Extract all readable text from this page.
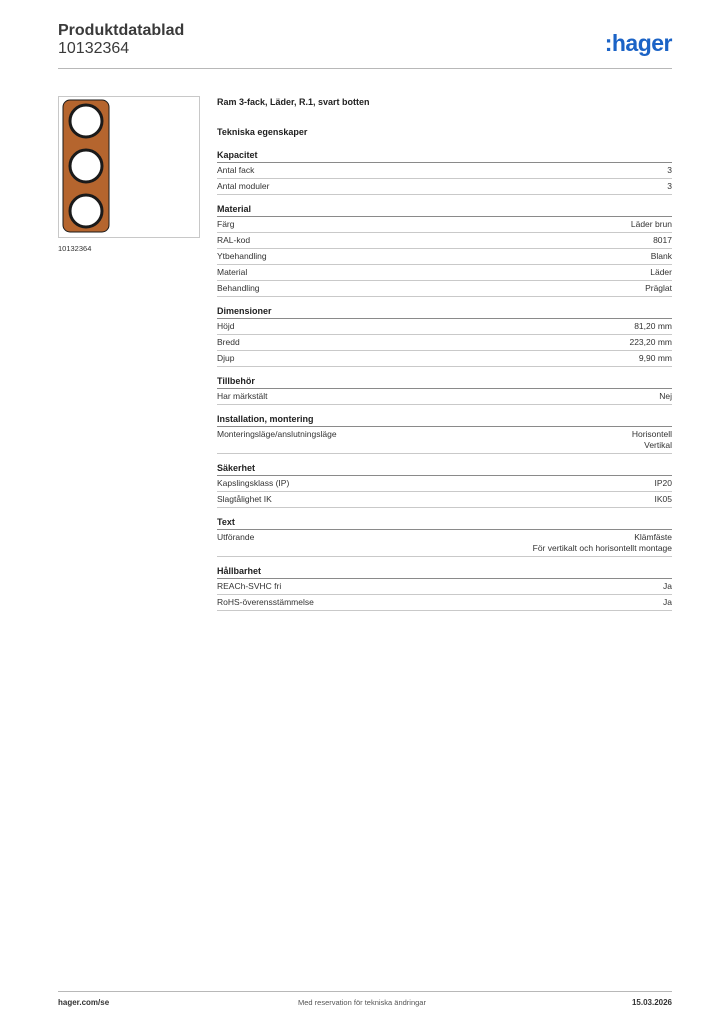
Produktdatablad
10132364	:hager
10132364
Ram 3-fack, Läder, R.1, svart botten
Tekniska egenskaper
Kapacitet
Antal fack	3
Antal moduler	3
Material
Färg	Läder brun
RAL-kod	8017
Ytbehandling	Blank
Material	Läder
Behandling	Präglat
Dimensioner
Höjd	81,20 mm
Bredd	223,20 mm
Djup	9,90 mm
Tillbehör
Har märkstält	Nej
Installation, montering
Monteringsläge/anslutningsläge	Horisontell
Vertikal
Säkerhet
Kapslingsklass (IP)	IP20
Slagtålighet IK	IK05
Text
Utförande	Klämfäste
För vertikalt och horisontellt montage
Hållbarhet
REACh-SVHC fri	Ja
RoHS-överensstämmelse	Ja
hager.com/se	Med reservation för tekniska ändringar	15.03.2026
